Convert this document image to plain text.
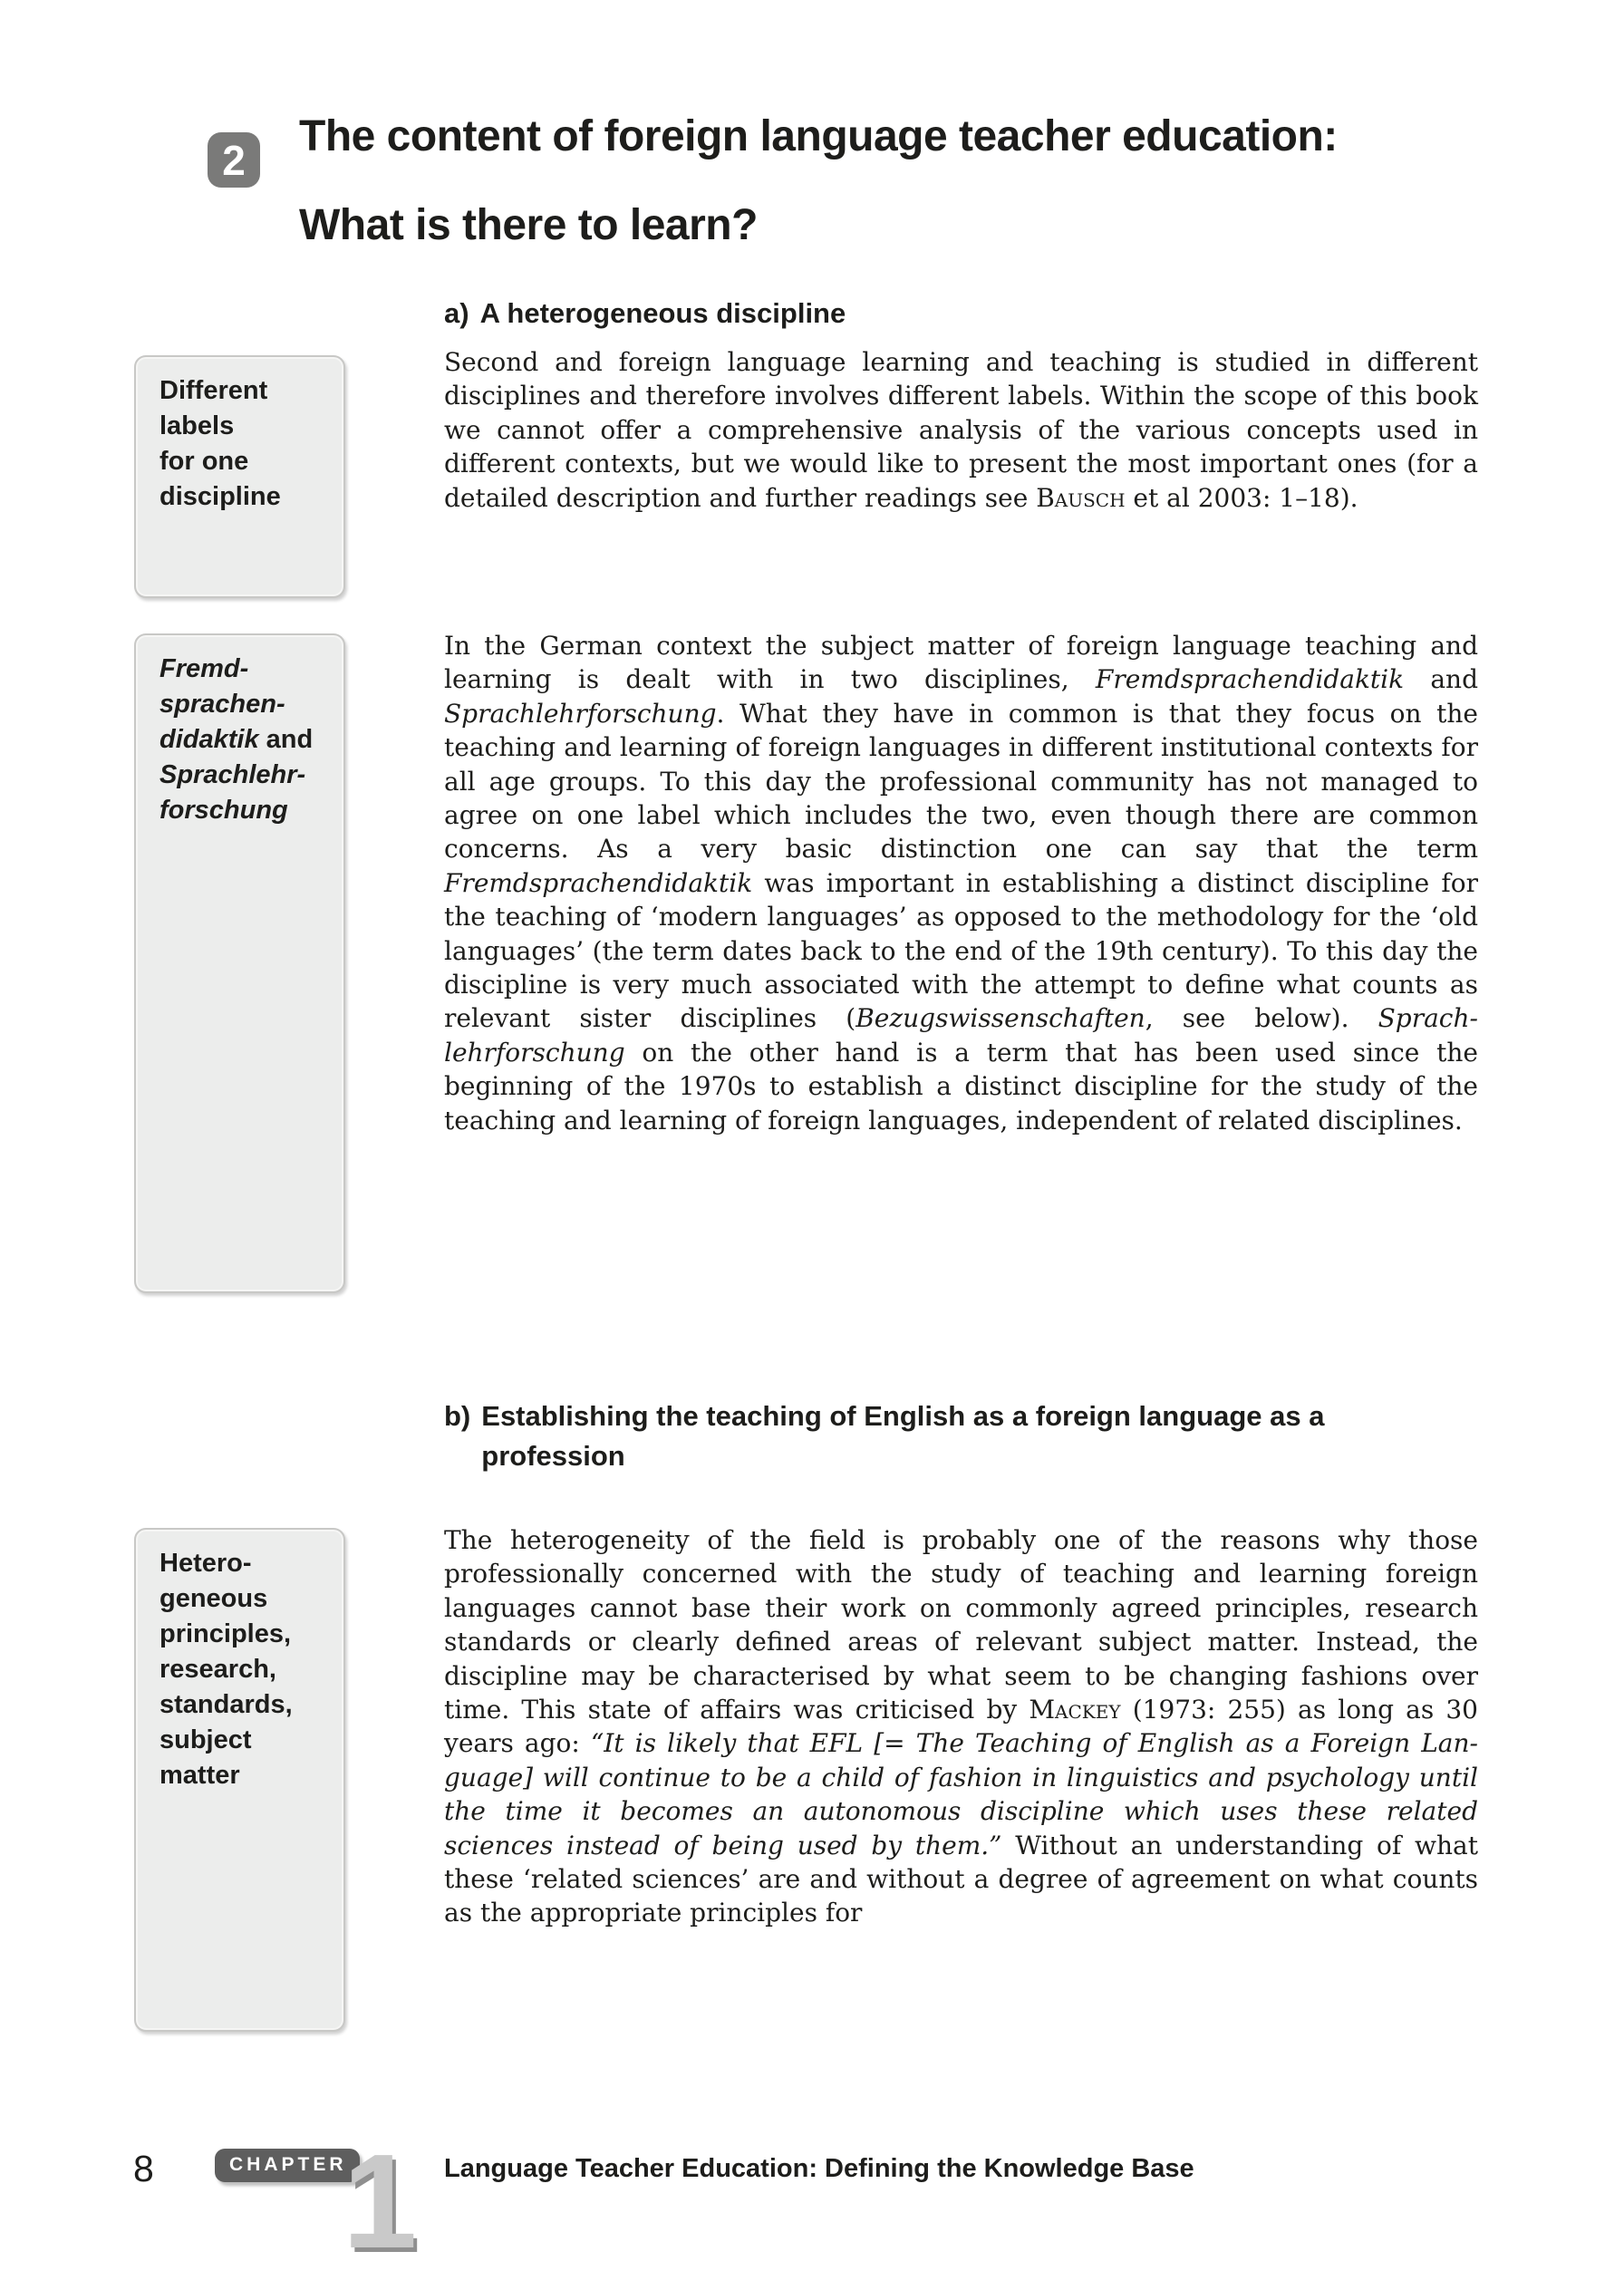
2 The content of foreign language teacher education:
What is there to learn?
a) A heterogeneous discipline
Different
labels
for one
discipline
Fremd-
sprachen-
didaktik and
Sprachlehr-
forschung
Hetero-
geneous
principles,
research,
standards,
subject
matter
Second and foreign language learning and teaching is studied in different disciplines and therefore involves different labels. Within the scope of this book we cannot offer a comprehensive analysis of the various concepts used in different contexts, but we would like to present the most important ones (for a detailed description and further readings see Bausch et al 2003: 1–18).
In the German context the subject matter of foreign language teaching and learning is dealt with in two disciplines, Fremdsprachendidaktik and Sprachlehrforschung. What they have in common is that they focus on the teaching and learning of foreign languages in different institutional contexts for all age groups. To this day the professional community has not managed to agree on one label which includes the two, even though there are common concerns. As a very basic distinction one can say that the term Fremdsprachendidaktik was important in establishing a distinct discipline for the teaching of ‘modern languages’ as opposed to the methodology for the ‘old languages’ (the term dates back to the end of the 19th century). To this day the discipline is very much associated with the attempt to define what counts as relevant sister disciplines (Bezugswissenschaften, see below). Sprachlehrforschung on the other hand is a term that has been used since the beginning of the 1970s to establish a distinct discipline for the study of the teaching and learning of foreign languages, independent of related disciplines.
b) Establishing the teaching of English as a foreign language as a profession
The heterogeneity of the field is probably one of the reasons why those professionally concerned with the study of teaching and learning foreign languages cannot base their work on commonly agreed principles, research standards or clearly defined areas of relevant subject matter. Instead, the discipline may be characterised by what seem to be changing fashions over time. This state of affairs was criticised by Mackey (1973: 255) as long as 30 years ago: “It is likely that EFL [= The Teaching of English as a Foreign Language] will continue to be a child of fashion in linguistics and psychology until the time it becomes an autonomous discipline which uses these related sciences instead of being used by them.” Without an understanding of what these ‘related sciences’ are and without a degree of agreement on what counts as the appropriate principles for
8	CHAPTER
1 Language Teacher Education: Defining the Knowledge Base
